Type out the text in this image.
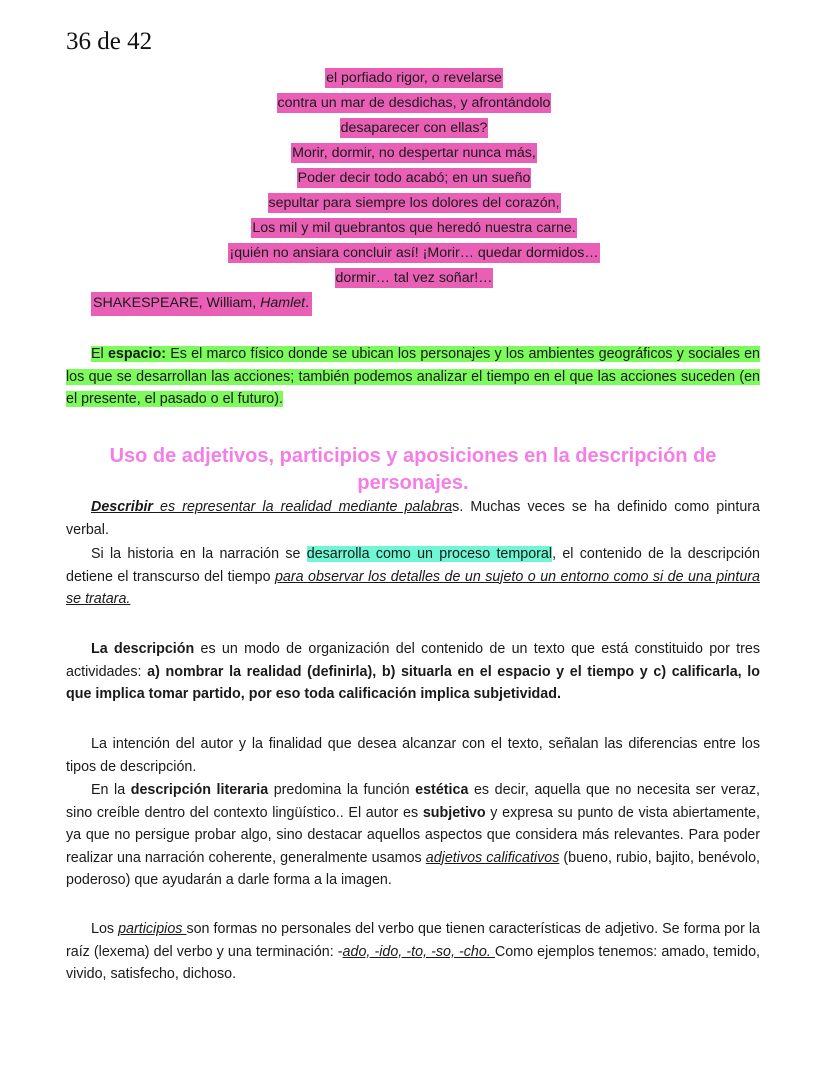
36 de 42
el porfiado rigor, o revelarse
contra un mar de desdichas, y afrontándolo
desaparecer con ellas?
Morir, dormir, no despertar nunca más,
Poder decir todo acabó; en un sueño
sepultar para siempre los dolores del corazón,
Los mil y mil quebrantos que heredó nuestra carne.
¡quién no ansiara concluir así! ¡Morir… quedar dormidos…
dormir… tal vez soñar!…
SHAKESPEARE, William, Hamlet.
El espacio: Es el marco físico donde se ubican los personajes y los ambientes geográficos y sociales en los que se desarrollan las acciones; también podemos analizar el tiempo en el que las acciones suceden (en el presente, el pasado o el futuro).
Uso de adjetivos, participios y aposiciones en la descripción de personajes.
Describir es representar la realidad mediante palabras. Muchas veces se ha definido como pintura verbal.
Si la historia en la narración se desarrolla como un proceso temporal, el contenido de la descripción detiene el transcurso del tiempo para observar los detalles de un sujeto o un entorno como si de una pintura se tratara.
La descripción es un modo de organización del contenido de un texto que está constituido por tres actividades: a) nombrar la realidad (definirla), b) situarla en el espacio y el tiempo y c) calificarla, lo que implica tomar partido, por eso toda calificación implica subjetividad.
La intención del autor y la finalidad que desea alcanzar con el texto, señalan las diferencias entre los tipos de descripción.
En la descripción literaria predomina la función estética es decir, aquella que no necesita ser veraz, sino creíble dentro del contexto lingüístico.. El autor es subjetivo y expresa su punto de vista abiertamente, ya que no persigue probar algo, sino destacar aquellos aspectos que considera más relevantes. Para poder realizar una narración coherente, generalmente usamos adjetivos calificativos (bueno, rubio, bajito, benévolo, poderoso) que ayudarán a darle forma a la imagen.
Los participios son formas no personales del verbo que tienen características de adjetivo. Se forma por la raíz (lexema) del verbo y una terminación: -ado, -ido, -to, -so, -cho. Como ejemplos tenemos: amado, temido, vivido, satisfecho, dichoso.
